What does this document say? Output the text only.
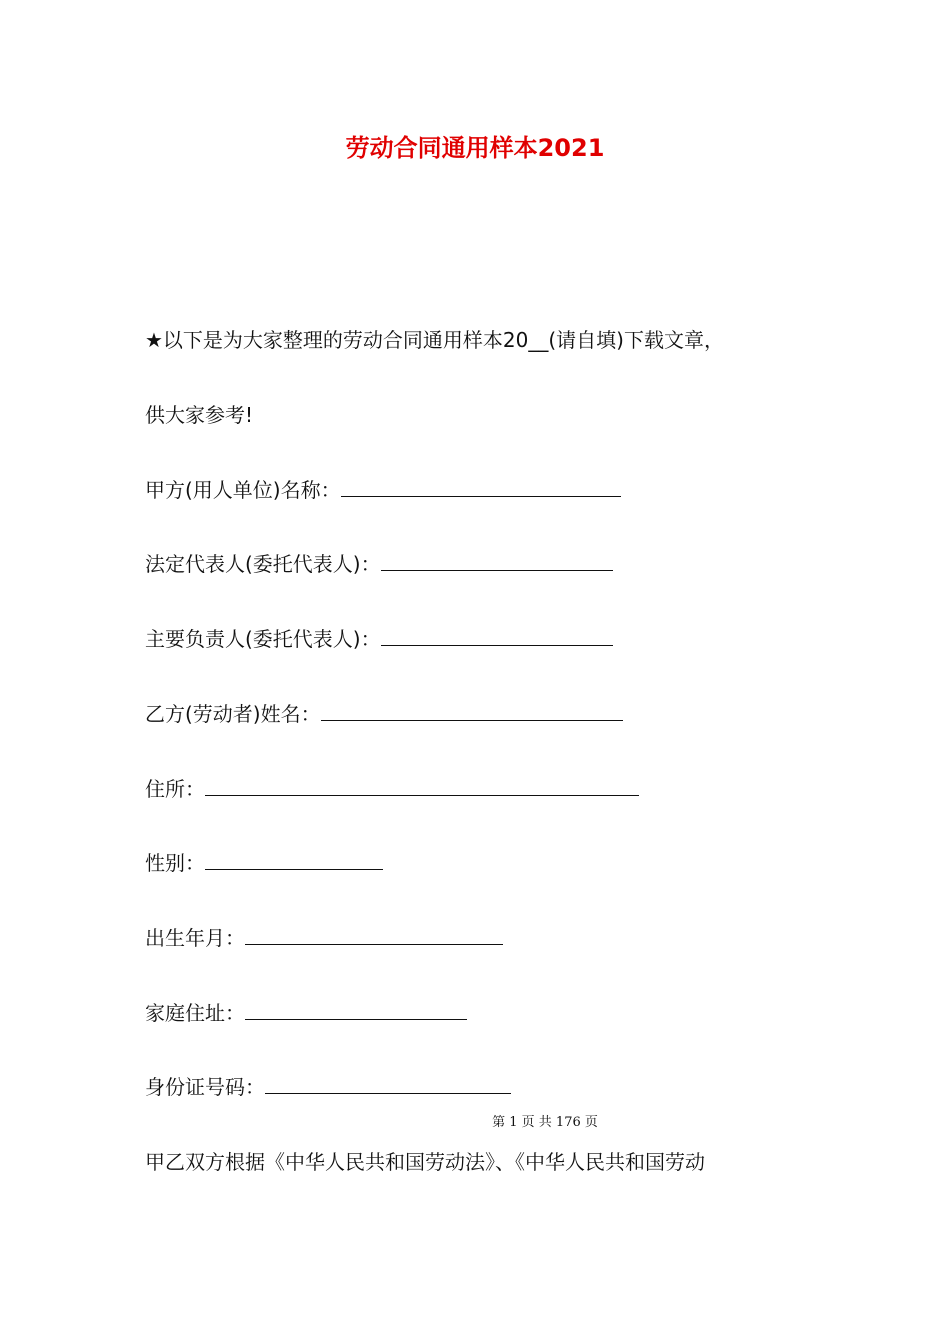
劳动合同通用样本2021
★以下是为大家整理的劳动合同通用样本20__(请自填)下载文章，
供大家参考!
甲方(用人单位)名称：
法定代表人(委托代表人)：
主要负责人(委托代表人)：
乙方(劳动者)姓名：
住所：
性别：
出生年月：
家庭住址：
身份证号码：
第 1 页 共 176 页
甲乙双方根据《中华人民共和国劳动法》、《中华人民共和国劳动
